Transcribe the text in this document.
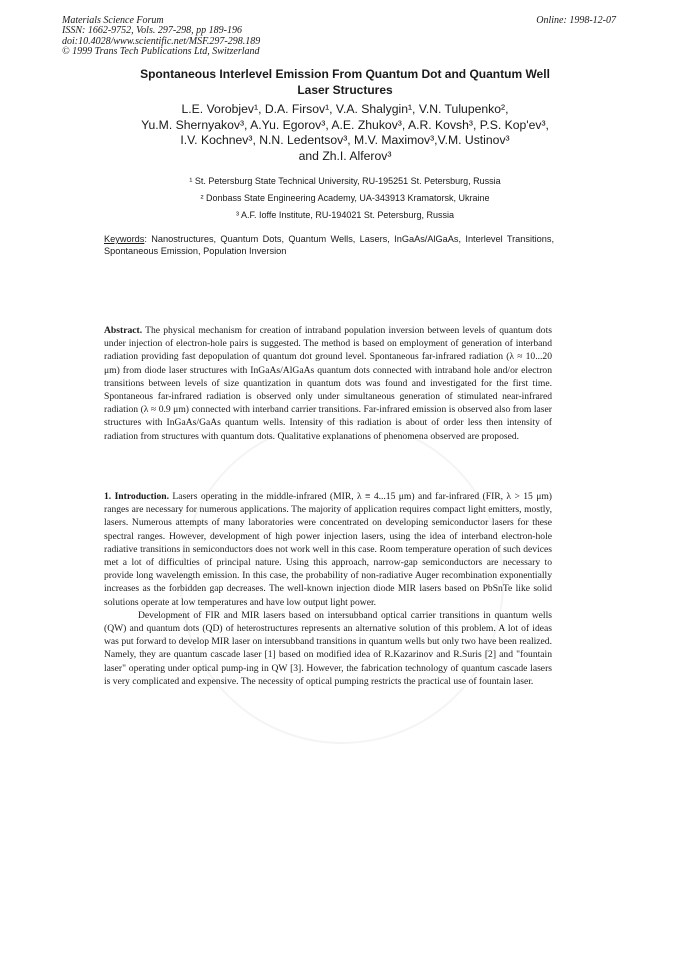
Materials Science Forum
ISSN: 1662-9752, Vols. 297-298, pp 189-196
doi:10.4028/www.scientific.net/MSF.297-298.189
© 1999 Trans Tech Publications Ltd, Switzerland
Online: 1998-12-07
Spontaneous Interlevel Emission From Quantum Dot and Quantum Well
Laser Structures
L.E. Vorobjev¹, D.A. Firsov¹, V.A. Shalygin¹, V.N. Tulupenko²,
Yu.M. Shernyakov³, A.Yu. Egorov³, A.E. Zhukov³, A.R. Kovsh³, P.S. Kop'ev³,
I.V. Kochnev³, N.N. Ledentsov³, M.V. Maximov³,V.M. Ustinov³
and Zh.I. Alferov³
¹ St. Petersburg State Technical University, RU-195251 St. Petersburg, Russia
² Donbass State Engineering Academy, UA-343913 Kramatorsk, Ukraine
³ A.F. Ioffe Institute, RU-194021 St. Petersburg, Russia
Keywords: Nanostructures, Quantum Dots, Quantum Wells, Lasers, InGaAs/AlGaAs, Interlevel Transitions, Spontaneous Emission, Population Inversion
Abstract. The physical mechanism for creation of intraband population inversion between levels of quantum dots under injection of electron-hole pairs is suggested. The method is based on employment of generation of interband radiation providing fast depopulation of quantum dot ground level. Spontaneous far-infrared radiation (λ ≈ 10...20 μm) from diode laser structures with InGaAs/AlGaAs quantum dots connected with intraband hole and/or electron transitions between levels of size quantization in quantum dots was found and investigated for the first time. Spontaneous far-infrared radiation is observed only under simultaneous generation of stimulated near-infrared radiation (λ ≈ 0.9 μm) connected with interband carrier transitions. Far-infrared emission is observed also from laser structures with InGaAs/GaAs quantum wells. Intensity of this radiation is about of order less then intensity of radiation from structures with quantum dots. Qualitative explanations of phenomena observed are proposed.

1. Introduction. Lasers operating in the middle-infrared (MIR, λ ≡ 4...15 μm) and far-infrared (FIR, λ > 15 μm) ranges are necessary for numerous applications. The majority of application requires compact light emitters, mostly, lasers. Numerous attempts of many laboratories were concentrated on developing semiconductor lasers for these spectral ranges. However, development of high power injection lasers, using the idea of interband electron-hole radiative transitions in semiconductors does not work well in this case. Room temperature operation of such devices met a lot of difficulties of principal nature. Using this approach, narrow-gap semiconductors are necessary to provide long wavelength emission. In this case, the probability of non-radiative Auger recombination exponentially increases as the forbidden gap decreases. The well-known injection diode MIR lasers based on PbSnTe like solid solutions operate at low temperatures and have low output light power.

Development of FIR and MIR lasers based on intersubband optical carrier transitions in quantum wells (QW) and quantum dots (QD) of heterostructures represents an alternative solution of this problem. A lot of ideas was put forward to develop MIR laser on intersubband transitions in quantum wells but only two have been realized. Namely, they are quantum cascade laser [1] based on modified idea of R.Kazarinov and R.Suris [2] and "fountain laser" operating under optical pump-ing in QW [3]. However, the fabrication technology of quantum cascade lasers is very complicated and expensive. The necessity of optical pumping restricts the practical use of fountain laser.
